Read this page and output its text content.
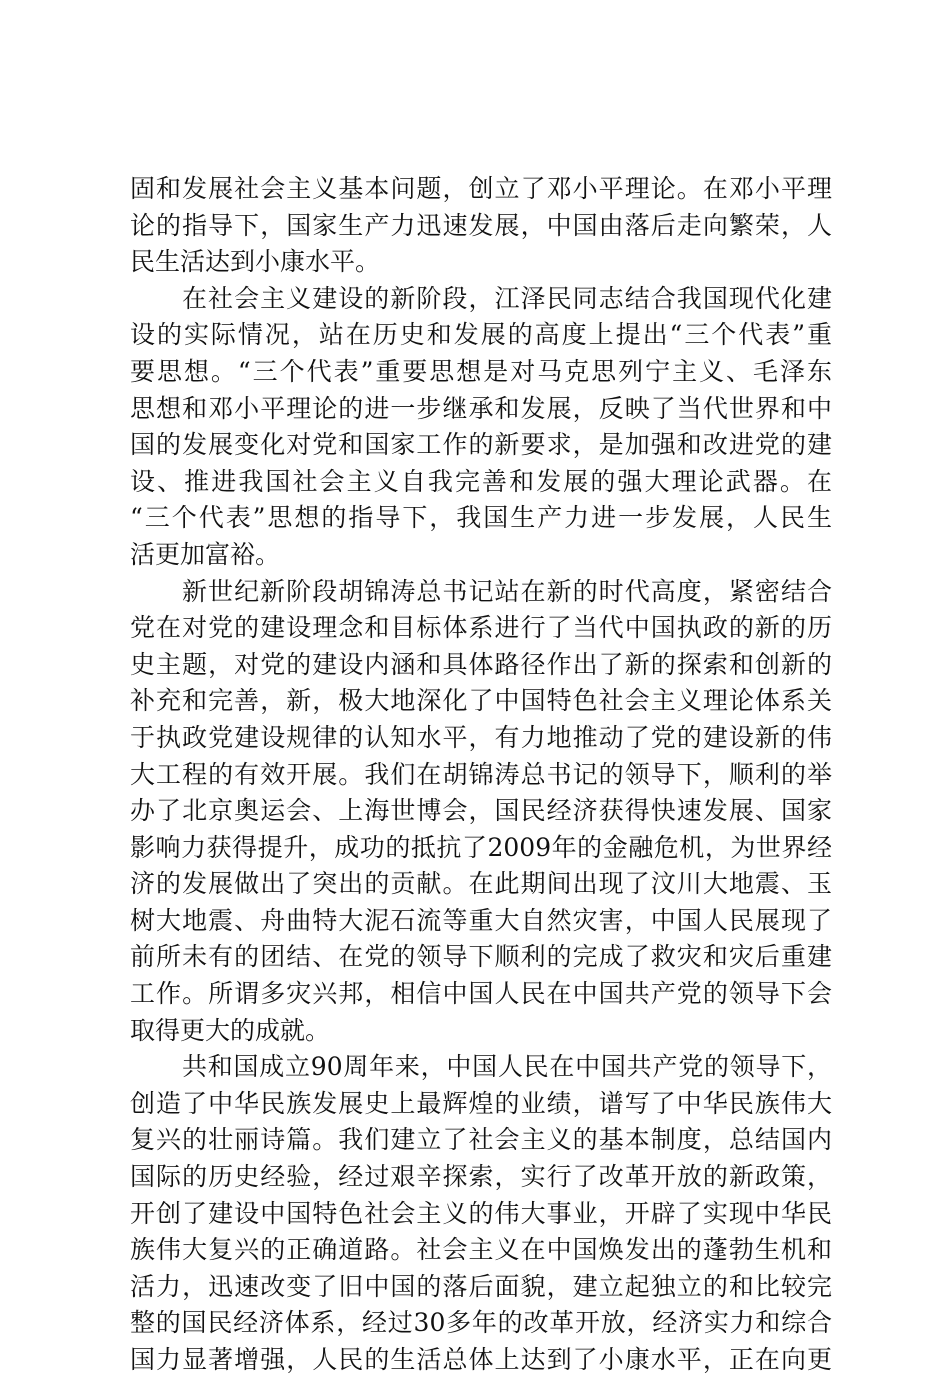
固和发展社会主义基本问题，创立了邓小平理论。在邓小平理
论的指导下，国家生产力迅速发展，中国由落后走向繁荣，人
民生活达到小康水平。
在社会主义建设的新阶段，江泽民同志结合我国现代化建
设的实际情况，站在历史和发展的高度上提出“三个代表”重
要思想。“三个代表”重要思想是对马克思列宁主义、毛泽东
思想和邓小平理论的进一步继承和发展，反映了当代世界和中
国的发展变化对党和国家工作的新要求，是加强和改进党的建
设、推进我国社会主义自我完善和发展的强大理论武器。在
“三个代表”思想的指导下，我国生产力进一步发展，人民生
活更加富裕。
新世纪新阶段胡锦涛总书记站在新的时代高度，紧密结合
党在对党的建设理念和目标体系进行了当代中国执政的新的历
史主题，对党的建设内涵和具体路径作出了新的探索和创新的
补充和完善，新，极大地深化了中国特色社会主义理论体系关
于执政党建设规律的认知水平，有力地推动了党的建设新的伟
大工程的有效开展。我们在胡锦涛总书记的领导下，顺利的举
办了北京奥运会、上海世博会，国民经济获得快速发展、国家
影响力获得提升，成功的抵抗了2009年的金融危机，为世界经
济的发展做出了突出的贡献。在此期间出现了汶川大地震、玉
树大地震、舟曲特大泥石流等重大自然灾害，中国人民展现了
前所未有的团结、在党的领导下顺利的完成了救灾和灾后重建
工作。所谓多灾兴邦，相信中国人民在中国共产党的领导下会
取得更大的成就。
共和国成立90周年来，中国人民在中国共产党的领导下，
创造了中华民族发展史上最辉煌的业绩，谱写了中华民族伟大
复兴的壮丽诗篇。我们建立了社会主义的基本制度，总结国内
国际的历史经验，经过艰辛探索，实行了改革开放的新政策，
开创了建设中国特色社会主义的伟大事业，开辟了实现中华民
族伟大复兴的正确道路。社会主义在中国焕发出的蓬勃生机和
活力，迅速改变了旧中国的落后面貌，建立起独立的和比较完
整的国民经济体系，经过30多年的改革开放，经济实力和综合
国力显著增强，人民的生活总体上达到了小康水平，正在向更
